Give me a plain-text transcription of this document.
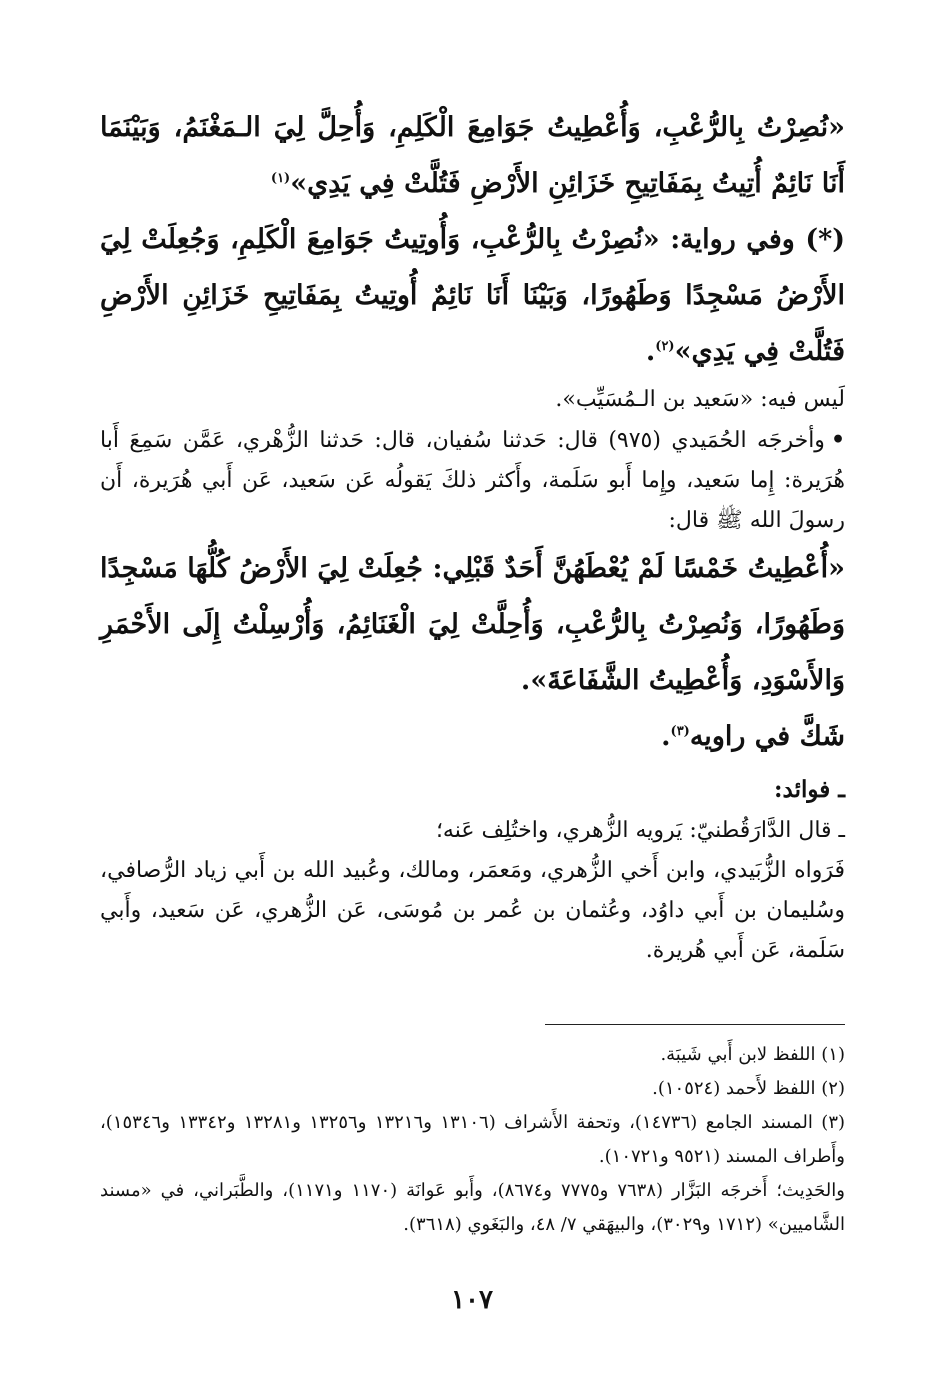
«نُصِرْتُ بِالرُّعْبِ، وَأُعْطِيتُ جَوَامِعَ الْكَلِمِ، وَأُحِلَّ لِيَ الـمَغْنَمُ، وَبَيْنَمَا أَنَا نَائِمٌ أُتِيتُ بِمَفَاتِيحِ خَزَائِنِ الأَرْضِ فَتُلَّتْ فِي يَدِي»$^{(١)}$

(*) وفي رواية: «نُصِرْتُ بِالرُّعْبِ، وَأُوتِيتُ جَوَامِعَ الْكَلِمِ، وَجُعِلَتْ لِيَ الأَرْضُ مَسْجِدًا وَطَهُورًا، وَبَيْنَا أَنَا نَائِمٌ أُوتِيتُ بِمَفَاتِيحِ خَزَائِنِ الأَرْضِ فَتُلَّتْ فِي يَدِي»$^{(٢)}$.

لَيس فيه: «سَعيد بن الـمُسَيِّب».

•وأخرجَه الحُمَيدي (٩٧٥) قال: حَدثنا سُفيان، قال: حَدثنا الزُّهْري، عَمَّن سَمِعَ أَبا هُرَيرة: إِما سَعيد، وإِما أَبو سَلَمة، وأَكثر ذلكَ يَقولُه عَن سَعيد، عَن أَبي هُرَيرة، أَن رسولَ الله ﷺ قال:

«أُعْطِيتُ خَمْسًا لَمْ يُعْطَهُنَّ أَحَدٌ قَبْلِي: جُعِلَتْ لِيَ الأَرْضُ كُلُّهَا مَسْجِدًا وَطَهُورًا، وَنُصِرْتُ بِالرُّعْبِ، وَأُحِلَّتْ لِيَ الْغَنَائِمُ، وَأُرْسِلْتُ إِلَى الأَحْمَرِ وَالأَسْوَدِ، وَأُعْطِيتُ الشَّفَاعَةَ».

شَكَّ في راويه$^{(٣)}$.

ـ فوائد:

ـ قال الدَّارَقُطنيّ: يَرويه الزُّهري، واختُلِف عَنه؛

فَرَواه الزُّبَيدي، وابن أَخي الزُّهري، ومَعمَر، ومالك، وعُبيد الله بن أَبي زياد الرُّصافي، وسُليمان بن أَبي داوُد، وعُثمان بن عُمر بن مُوسَى، عَن الزُّهري، عَن سَعيد، وأَبي سَلَمة، عَن أَبي هُريرة.

(١) اللفظ لابن أَبي شَيبَة.

(٢) اللفظ لأَحمد (١٠٥٢٤).

(٣) المسند الجامع (١٤٧٣٦)، وتحفة الأَشراف (١٣١٠٦ و١٣٢١٦ و١٣٢٥٦ و١٣٢٨١ و١٣٣٤٢ و١٥٣٤٦)، وأَطراف المسند (٩٥٢١ و١٠٧٢١).

والحَدِيث؛ أَخرجَه البَزَّار (٧٦٣٨ و٧٧٧٥ و٨٦٧٤)، وأَبو عَوانَة (١١٧٠ و١١٧١)، والطَّبَراني، في «مسند الشَّاميين» (١٧١٢ و٣٠٢٩)، والبيهَقي ٧/ ٤٨، والبَغَوي (٣٦١٨).

١٠٧
